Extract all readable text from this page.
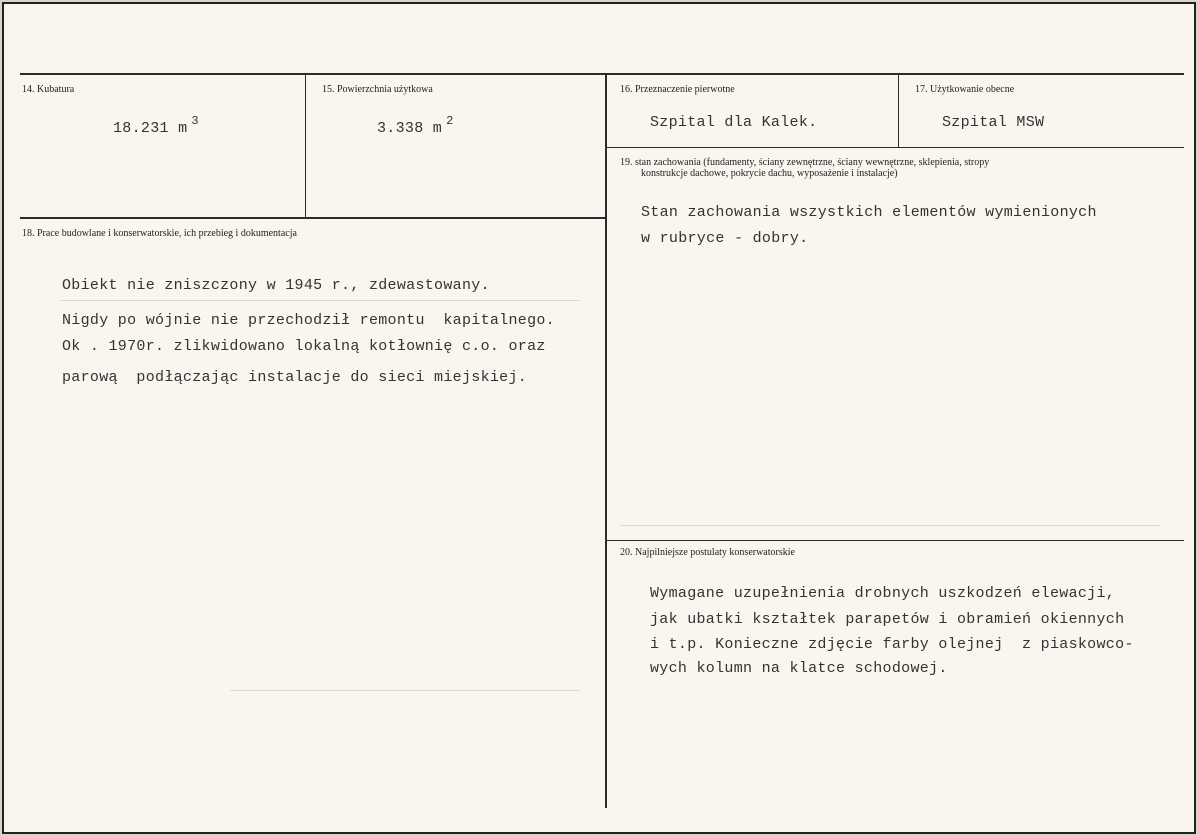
14. Kubatura
18.231 m $^3$
15. Powierzchnia użytkowa
3.338 m $^2$
16. Przeznaczenie pierwotne
Szpital dla Kalek.
17. Użytkowanie obecne
Szpital MSW
18. Prace budowlane i konserwatorskie, ich przebieg i dokumentacja
Obiekt nie zniszczony w 1945 r., zdewastowany.
Nigdy po wójnie nie przechodził remontu  kapitalnego.
Ok . 1970r. zlikwidowano lokalną kotłownię c.o. oraz
parową  podłączając instalacje do sieci miejskiej.
19. stan zachowania (fundamenty, ściany zewnętrzne, ściany wewnętrzne, sklepienia, stropy
konstrukcje dachowe, pokrycie dachu, wyposażenie i instalacje)
Stan zachowania wszystkich elementów wymienionych
w rubryce - dobry.
20. Najpilniejsze postulaty konserwatorskie
Wymagane uzupełnienia drobnych uszkodzeń elewacji,
jak ubatki kształtek parapetów i obramień okiennych
i t.p. Konieczne zdjęcie farby olejnej  z piaskowco-
wych kolumn na klatce schodowej.
